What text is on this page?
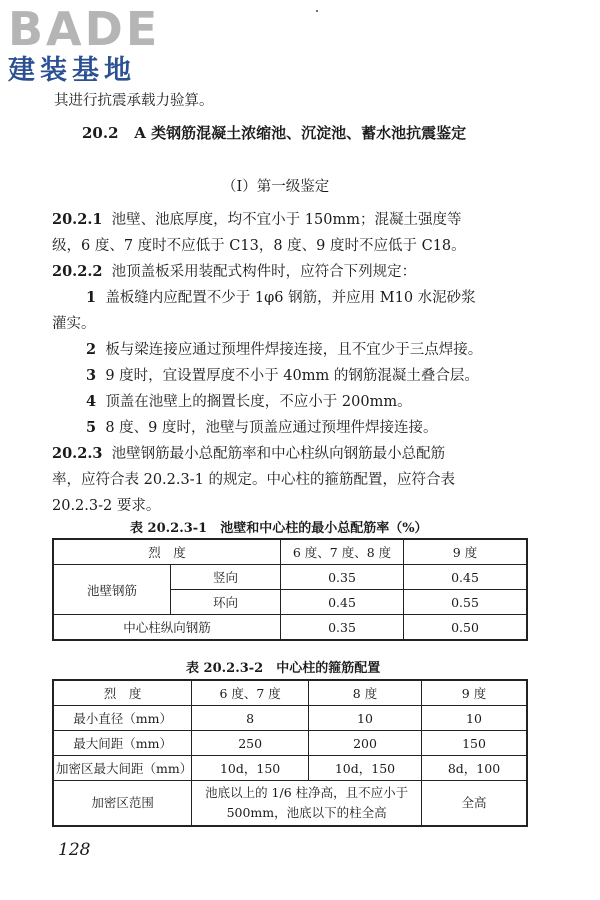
BADE
建装基地
其进行抗震承载力验算。
20.2 A 类钢筋混凝土浓缩池、沉淀池、蓄水池抗震鉴定
（Ⅰ）第一级鉴定
20.2.1 池壁、池底厚度，均不宜小于 150mm；混凝土强度等
级，6 度、7 度时不应低于 C13，8 度、9 度时不应低于 C18。
20.2.2 池顶盖板采用装配式构件时，应符合下列规定：
1 盖板缝内应配置不少于 1φ6 钢筋，并应用 M10 水泥砂浆
灌实。
2 板与梁连接应通过预埋件焊接连接，且不宜少于三点焊接。
3 9 度时，宜设置厚度不小于 40mm 的钢筋混凝土叠合层。
4 顶盖在池壁上的搁置长度，不应小于 200mm。
5 8 度、9 度时，池壁与顶盖应通过预埋件焊接连接。
20.2.3 池壁钢筋最小总配筋率和中心柱纵向钢筋最小总配筋
率，应符合表 20.2.3-1 的规定。中心柱的箍筋配置，应符合表
20.2.3-2 要求。
表 20.2.3-1　池壁和中心柱的最小总配筋率（%）
烈　度		6 度、7 度、8 度	9 度
池壁钢筋	竖向	0.35	0.45
	环向	0.45	0.55
中心柱纵向钢筋		0.35	0.50
表 20.2.3-2　中心柱的箍筋配置
烈　度	6 度、7 度	8 度	9 度
最小直径（mm）	8	10	10
最大间距（mm）	250	200	150
加密区最大间距（mm）	10d，150	10d，150	8d，100
加密区范围	池底以上的 1/6 柱净高，且不应小于
500mm，池底以下的柱全高		全高
128
